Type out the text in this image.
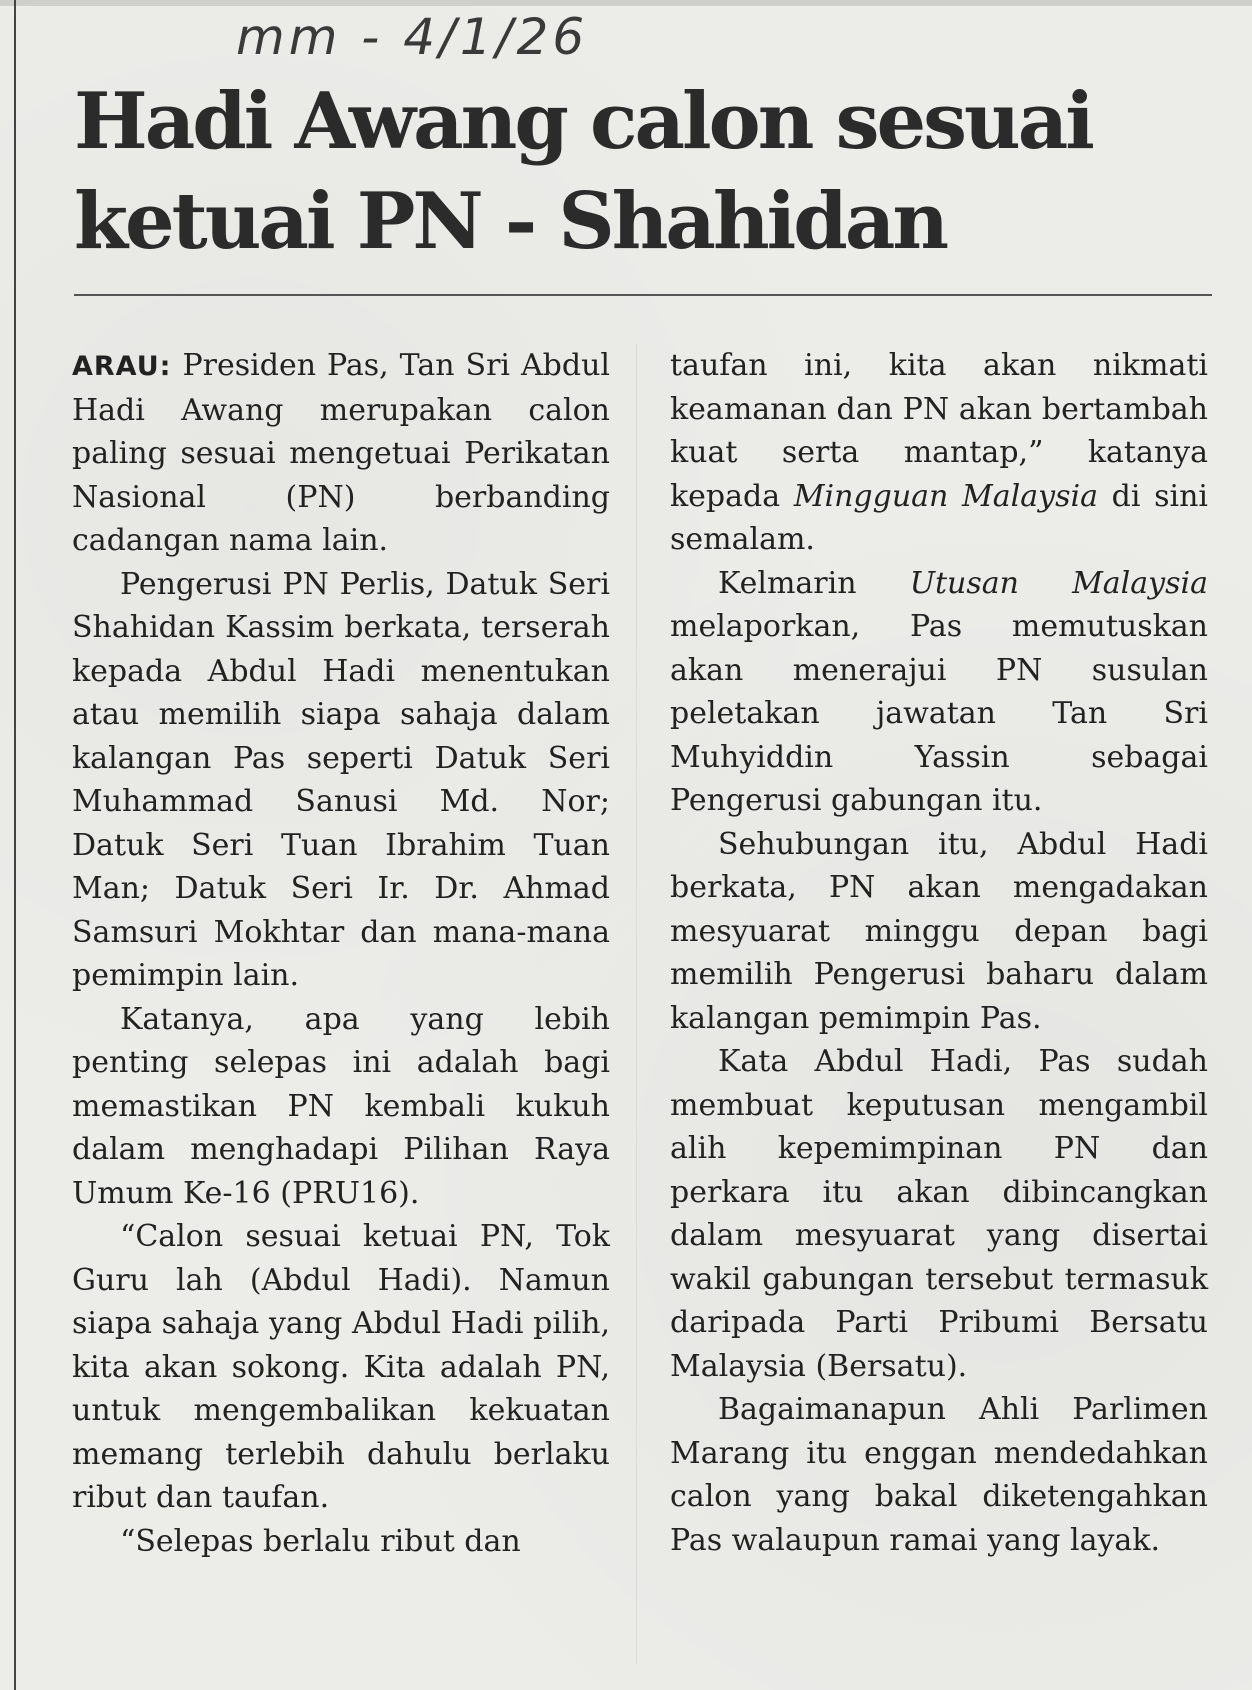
mm - 4/1/26
Hadi Awang calon sesuai
ketuai PN - Shahidan

ARAU: Presiden Pas, Tan Sri Abdul Hadi Awang merupakan calon paling sesuai mengetuai Perikatan Nasional (PN) berbanding cadangan nama lain.

Pengerusi PN Perlis, Datuk Seri Shahidan Kassim berkata, terserah kepada Abdul Hadi menentukan atau memilih siapa sahaja dalam kalangan Pas seperti Datuk Seri Muhammad Sanusi Md. Nor; Datuk Seri Tuan Ibrahim Tuan Man; Datuk Seri Ir. Dr. Ahmad Samsuri Mokhtar dan mana-mana pemimpin lain.

Katanya, apa yang lebih penting selepas ini adalah bagi memastikan PN kembali kukuh dalam menghadapi Pilihan Raya Umum Ke-16 (PRU16).

“Calon sesuai ketuai PN, Tok Guru lah (Abdul Hadi). Namun siapa sahaja yang Abdul Hadi pilih, kita akan sokong. Kita adalah PN, untuk mengembalikan kekuatan memang terlebih dahulu berlaku ribut dan taufan.

“Selepas berlalu ribut dan

taufan ini, kita akan nikmati keamanan dan PN akan bertambah kuat serta mantap,” katanya kepada Mingguan Malaysia di sini semalam.

Kelmarin Utusan Malaysia melaporkan, Pas memutuskan akan menerajui PN susulan peletakan jawatan Tan Sri Muhyiddin Yassin sebagai Pengerusi gabungan itu.

Sehubungan itu, Abdul Hadi berkata, PN akan mengadakan mesyuarat minggu depan bagi memilih Pengerusi baharu dalam kalangan pemimpin Pas.

Kata Abdul Hadi, Pas sudah membuat keputusan mengambil alih kepemimpinan PN dan perkara itu akan dibincangkan dalam mesyuarat yang disertai wakil gabungan tersebut termasuk daripada Parti Pribumi Bersatu Malaysia (Bersatu).

Bagaimanapun Ahli Parlimen Marang itu enggan mendedahkan calon yang bakal diketengahkan Pas walaupun ramai yang layak.
